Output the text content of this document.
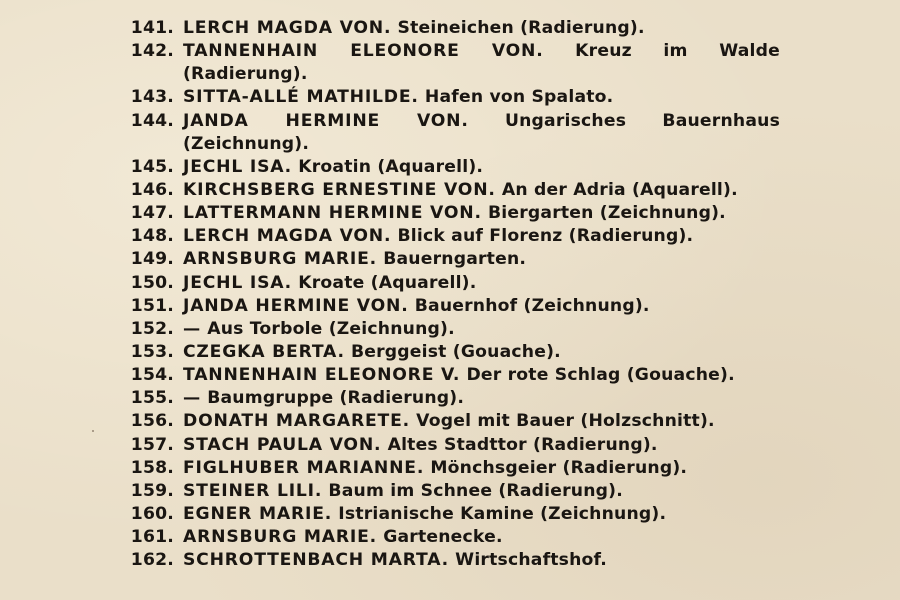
141. LERCH MAGDA VON. Steineichen (Radierung).
142. TANNENHAIN ELEONORE VON. Kreuz im Walde (Radierung).
143. SITTA-ALLÉ MATHILDE. Hafen von Spalato.
144. JANDA HERMINE VON. Ungarisches Bauernhaus (Zeichnung).
145. JECHL ISA. Kroatin (Aquarell).
146. KIRCHSBERG ERNESTINE VON. An der Adria (Aquarell).
147. LATTERMANN HERMINE VON. Biergarten (Zeichnung).
148. LERCH MAGDA VON. Blick auf Florenz (Radierung).
149. ARNSBURG MARIE. Bauerngarten.
150. JECHL ISA. Kroate (Aquarell).
151. JANDA HERMINE VON. Bauernhof (Zeichnung).
152. — Aus Torbole (Zeichnung).
153. CZEGKA BERTA. Berggeist (Gouache).
154. TANNENHAIN ELEONORE V. Der rote Schlag (Gouache).
155. — Baumgruppe (Radierung).
156. DONATH MARGARETE. Vogel mit Bauer (Holzschnitt).
157. STACH PAULA VON. Altes Stadttor (Radierung).
158. FIGLHUBER MARIANNE. Mönchsgeier (Radierung).
159. STEINER LILI. Baum im Schnee (Radierung).
160. EGNER MARIE. Istrianische Kamine (Zeichnung).
161. ARNSBURG MARIE. Gartenecke.
162. SCHROTTENBACH MARTA. Wirtschaftshof.
